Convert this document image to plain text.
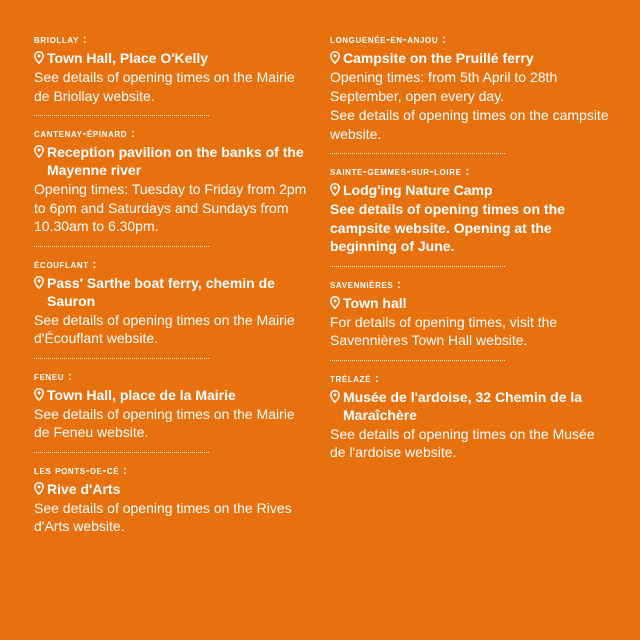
briollay :
Town Hall, Place O'Kelly
See details of opening times on the Mairie de Briollay website.
cantenay-épinard :
Reception pavilion on the banks of the Mayenne river
Opening times: Tuesday to Friday from 2pm to 6pm and Saturdays and Sundays from 10.30am to 6.30pm.
écouflant :
Pass' Sarthe boat ferry, chemin de Sauron
See details of opening times on the Mairie d'Écouflant website.
feneu :
Town Hall, place de la Mairie
See details of opening times on the Mairie de Feneu website.
les ponts-de-cé :
Rive d'Arts
See details of opening times on the Rives d'Arts website.
longuenée-en-anjou :
Campsite on the Pruillé ferry
Opening times: from 5th April to 28th September, open every day.
See details of opening times on the campsite website.
sainte-gemmes-sur-loire :
Lodg'ing Nature Camp
See details of opening times on the campsite website. Opening at the beginning of June.
savennières :
Town hall
For details of opening times, visit the Savennières Town Hall website.
trélazé :
Musée de l'ardoise, 32 Chemin de la Maraîchère
See details of opening times on the Musée de l'ardoise website.
